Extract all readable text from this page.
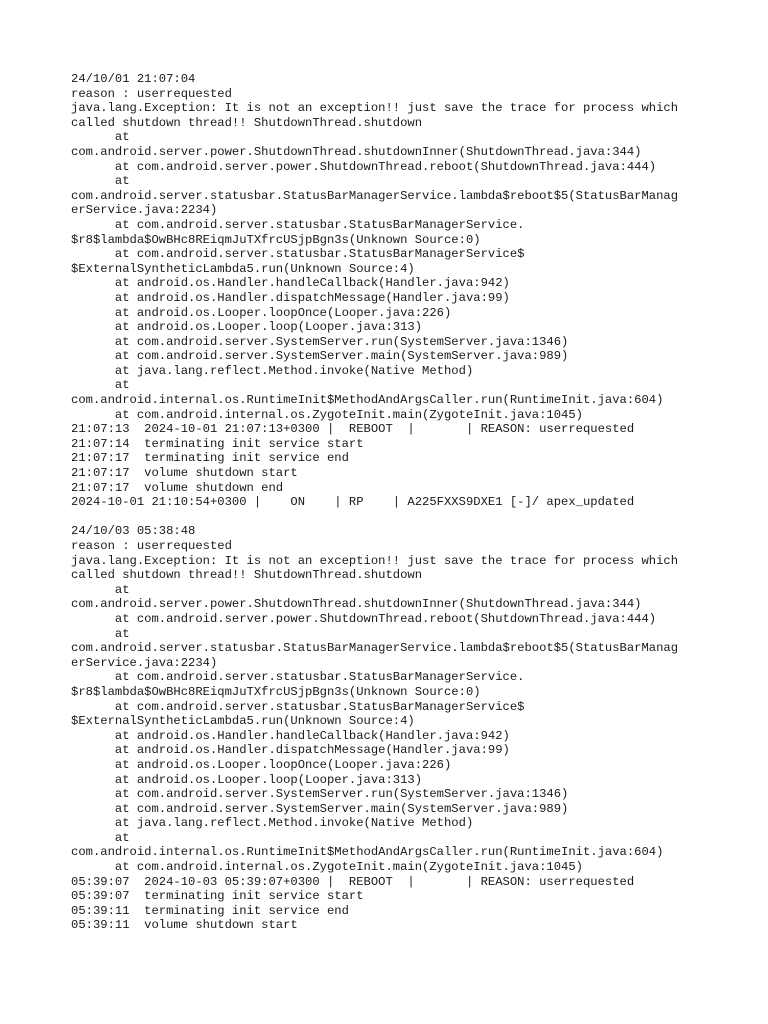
24/10/01 21:07:04
reason : userrequested
java.lang.Exception: It is not an exception!! just save the trace for process which
called shutdown thread!! ShutdownThread.shutdown
at
com.android.server.power.ShutdownThread.shutdownInner(ShutdownThread.java:344)
at com.android.server.power.ShutdownThread.reboot(ShutdownThread.java:444)
at
com.android.server.statusbar.StatusBarManagerService.lambda$reboot$5(StatusBarManag
erService.java:2234)
at com.android.server.statusbar.StatusBarManagerService.
$r8$lambda$OwBHc8REiqmJuTXfrcUSjpBgn3s(Unknown Source:0)
at com.android.server.statusbar.StatusBarManagerService$
$ExternalSyntheticLambda5.run(Unknown Source:4)
at android.os.Handler.handleCallback(Handler.java:942)
at android.os.Handler.dispatchMessage(Handler.java:99)
at android.os.Looper.loopOnce(Looper.java:226)
at android.os.Looper.loop(Looper.java:313)
at com.android.server.SystemServer.run(SystemServer.java:1346)
at com.android.server.SystemServer.main(SystemServer.java:989)
at java.lang.reflect.Method.invoke(Native Method)
at
com.android.internal.os.RuntimeInit$MethodAndArgsCaller.run(RuntimeInit.java:604)
at com.android.internal.os.ZygoteInit.main(ZygoteInit.java:1045)
21:07:13  2024-10-01 21:07:13+0300 |  REBOOT  |       | REASON: userrequested
21:07:14  terminating init service start
21:07:17  terminating init service end
21:07:17  volume shutdown start
21:07:17  volume shutdown end
2024-10-01 21:10:54+0300 |    ON    | RP    | A225FXXS9DXE1 [-]/ apex_updated
24/10/03 05:38:48
reason : userrequested
java.lang.Exception: It is not an exception!! just save the trace for process which
called shutdown thread!! ShutdownThread.shutdown
at
com.android.server.power.ShutdownThread.shutdownInner(ShutdownThread.java:344)
at com.android.server.power.ShutdownThread.reboot(ShutdownThread.java:444)
at
com.android.server.statusbar.StatusBarManagerService.lambda$reboot$5(StatusBarManag
erService.java:2234)
at com.android.server.statusbar.StatusBarManagerService.
$r8$lambda$OwBHc8REiqmJuTXfrcUSjpBgn3s(Unknown Source:0)
at com.android.server.statusbar.StatusBarManagerService$
$ExternalSyntheticLambda5.run(Unknown Source:4)
at android.os.Handler.handleCallback(Handler.java:942)
at android.os.Handler.dispatchMessage(Handler.java:99)
at android.os.Looper.loopOnce(Looper.java:226)
at android.os.Looper.loop(Looper.java:313)
at com.android.server.SystemServer.run(SystemServer.java:1346)
at com.android.server.SystemServer.main(SystemServer.java:989)
at java.lang.reflect.Method.invoke(Native Method)
at
com.android.internal.os.RuntimeInit$MethodAndArgsCaller.run(RuntimeInit.java:604)
at com.android.internal.os.ZygoteInit.main(ZygoteInit.java:1045)
05:39:07  2024-10-03 05:39:07+0300 |  REBOOT  |       | REASON: userrequested
05:39:07  terminating init service start
05:39:11  terminating init service end
05:39:11  volume shutdown start
